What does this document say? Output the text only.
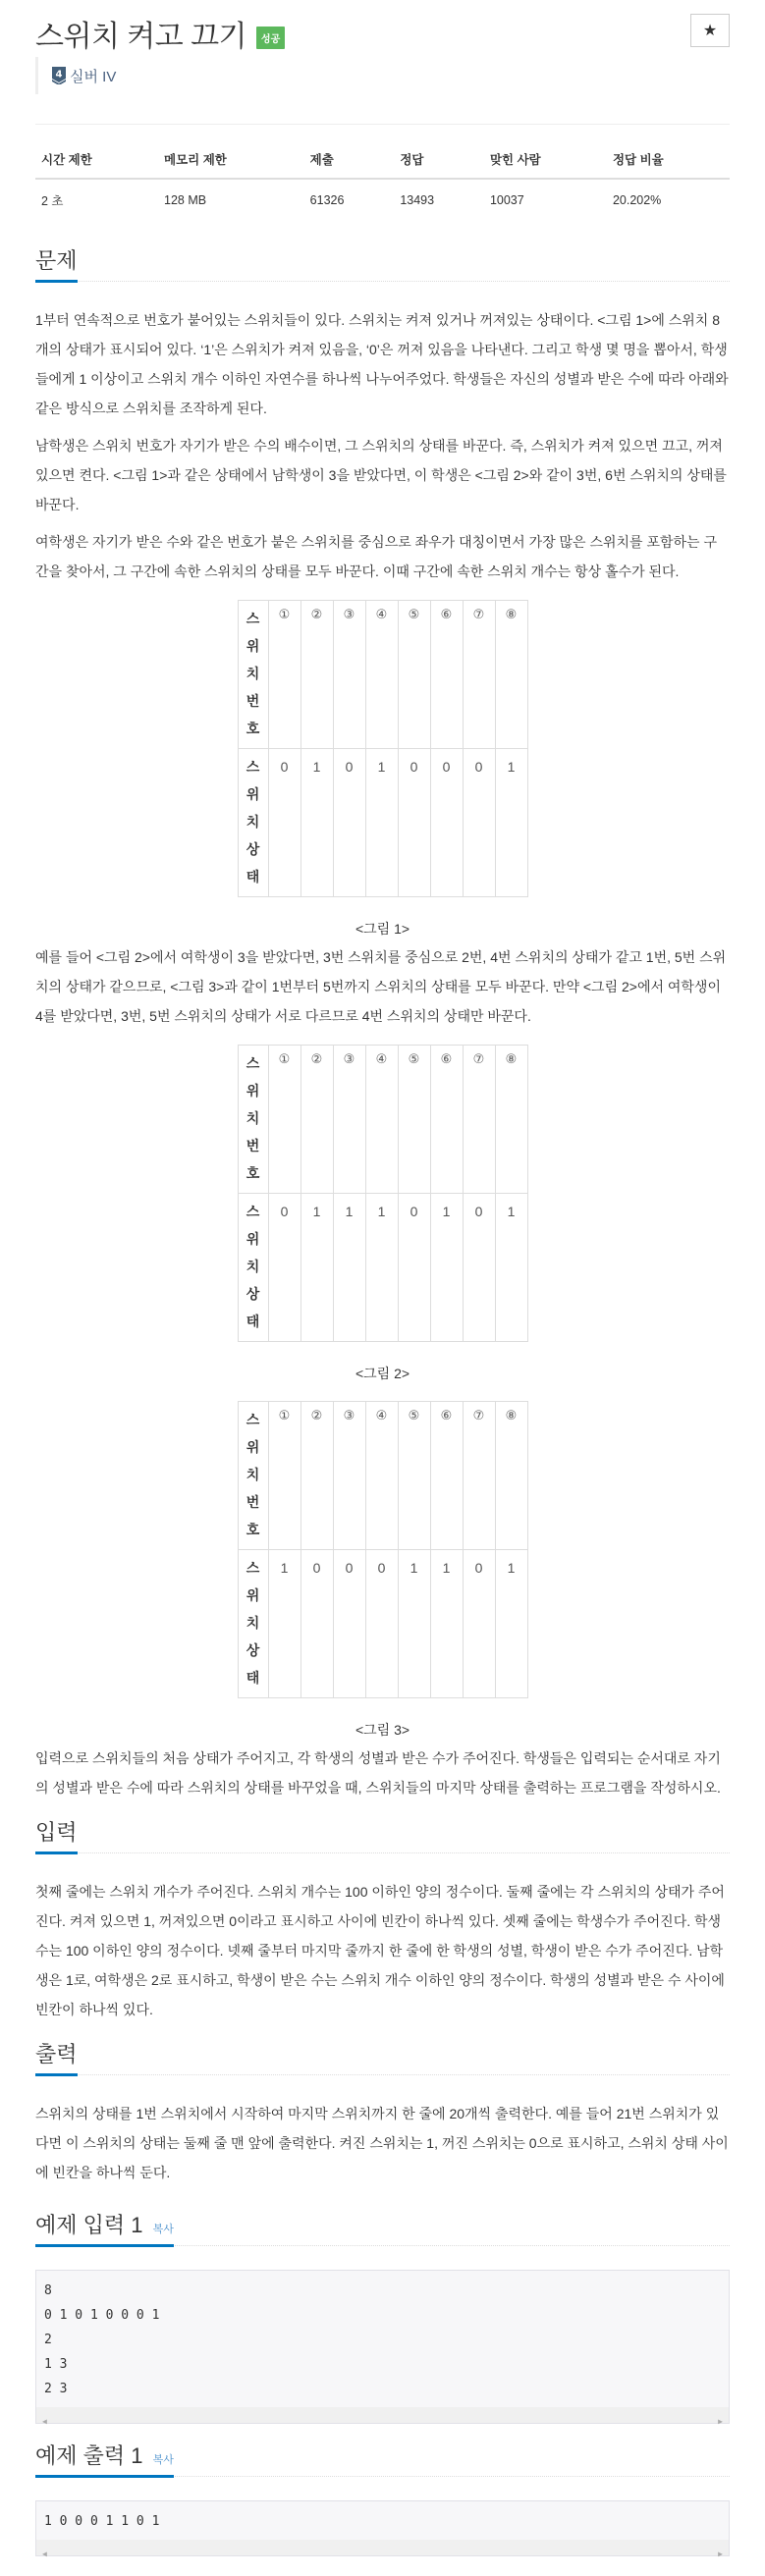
스위치 켜고 끄기 성공	★
4 실버 IV
시간 제한	메모리 제한	제출	정답	맞힌 사람	정답 비율
2 초	128 MB	61326	13493	10037	20.202%
문제

1부터 연속적으로 번호가 붙어있는 스위치들이 있다. 스위치는 켜져 있거나 꺼져있는 상태이다. <그림 1>에 스위치 8개의 상태가 표시되어 있다. ‘1’은 스위치가 켜져 있음을, ‘0’은 꺼져 있음을 나타낸다. 그리고 학생 몇 명을 뽑아서, 학생들에게 1 이상이고 스위치 개수 이하인 자연수를 하나씩 나누어주었다. 학생들은 자신의 성별과 받은 수에 따라 아래와 같은 방식으로 스위치를 조작하게 된다.

남학생은 스위치 번호가 자기가 받은 수의 배수이면, 그 스위치의 상태를 바꾼다. 즉, 스위치가 켜져 있으면 끄고, 꺼져 있으면 켠다. <그림 1>과 같은 상태에서 남학생이 3을 받았다면, 이 학생은 <그림 2>와 같이 3번, 6번 스위치의 상태를 바꾼다.

여학생은 자기가 받은 수와 같은 번호가 붙은 스위치를 중심으로 좌우가 대칭이면서 가장 많은 스위치를 포함하는 구간을 찾아서, 그 구간에 속한 스위치의 상태를 모두 바꾼다. 이때 구간에 속한 스위치 개수는 항상 홀수가 된다.

스
위
치
번
호	①	②	③	④	⑤	⑥	⑦	⑧

스
위
치
상
태	0	1	0	1	0	0	0	1
<그림 1>

예를 들어 <그림 2>에서 여학생이 3을 받았다면, 3번 스위치를 중심으로 2번, 4번 스위치의 상태가 같고 1번, 5번 스위치의 상태가 같으므로, <그림 3>과 같이 1번부터 5번까지 스위치의 상태를 모두 바꾼다. 만약 <그림 2>에서 여학생이 4를 받았다면, 3번, 5번 스위치의 상태가 서로 다르므로 4번 스위치의 상태만 바꾼다.

스
위
치
번
호	①	②	③	④	⑤	⑥	⑦	⑧

스
위
치
상
태	0	1	1	1	0	1	0	1
<그림 2>
스
위
치
번
호	①	②	③	④	⑤	⑥	⑦	⑧

스
위
치
상
태	1	0	0	0	1	1	0	1
<그림 3>

입력으로 스위치들의 처음 상태가 주어지고, 각 학생의 성별과 받은 수가 주어진다. 학생들은 입력되는 순서대로 자기의 성별과 받은 수에 따라 스위치의 상태를 바꾸었을 때, 스위치들의 마지막 상태를 출력하는 프로그램을 작성하시오.

입력

첫째 줄에는 스위치 개수가 주어진다. 스위치 개수는 100 이하인 양의 정수이다. 둘째 줄에는 각 스위치의 상태가 주어진다. 켜져 있으면 1, 꺼져있으면 0이라고 표시하고 사이에 빈칸이 하나씩 있다. 셋째 줄에는 학생수가 주어진다. 학생수는 100 이하인 양의 정수이다. 넷째 줄부터 마지막 줄까지 한 줄에 한 학생의 성별, 학생이 받은 수가 주어진다. 남학생은 1로, 여학생은 2로 표시하고, 학생이 받은 수는 스위치 개수 이하인 양의 정수이다. 학생의 성별과 받은 수 사이에 빈칸이 하나씩 있다.

출력

스위치의 상태를 1번 스위치에서 시작하여 마지막 스위치까지 한 줄에 20개씩 출력한다. 예를 들어 21번 스위치가 있다면 이 스위치의 상태는 둘째 줄 맨 앞에 출력한다. 켜진 스위치는 1, 꺼진 스위치는 0으로 표시하고, 스위치 상태 사이에 빈칸을 하나씩 둔다.

예제 입력 1 복사
8
0 1 0 1 0 0 0 1
2
1 3
2 3
◀	▶
예제 출력 1 복사
1 0 0 0 1 1 0 1
◀	▶
